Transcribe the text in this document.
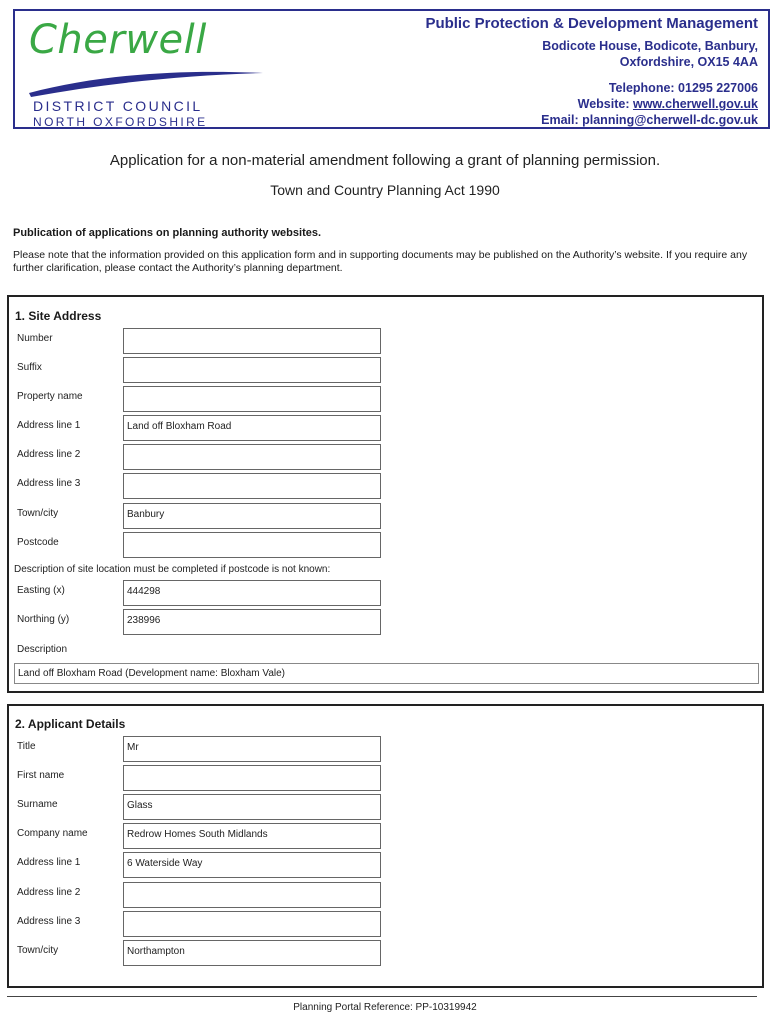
Cherwell
DISTRICT COUNCIL
NORTH OXFORDSHIRE
Public Protection & Development Management
Bodicote House, Bodicote, Banbury,
Oxfordshire, OX15 4AA
Telephone: 01295 227006
Website: www.cherwell.gov.uk
Email: planning@cherwell-dc.gov.uk
Application for a non-material amendment following a grant of planning permission.
Town and Country Planning Act 1990
Publication of applications on planning authority websites.
Please note that the information provided on this application form and in supporting documents may be published on the Authority’s website. If you require any further clarification, please contact the Authority’s planning department.
1. Site Address
Number
Suffix
Property name
Address line 1	Land off Bloxham Road
Address line 2
Address line 3
Town/city	Banbury
Postcode
Description of site location must be completed if postcode is not known:
Easting (x)	444298
Northing (y)	238996
Description
Land off Bloxham Road (Development name: Bloxham Vale)
2. Applicant Details
Title	Mr
First name
Surname	Glass
Company name	Redrow Homes South Midlands
Address line 1	6 Waterside Way
Address line 2
Address line 3
Town/city	Northampton
Planning Portal Reference: PP-10319942
